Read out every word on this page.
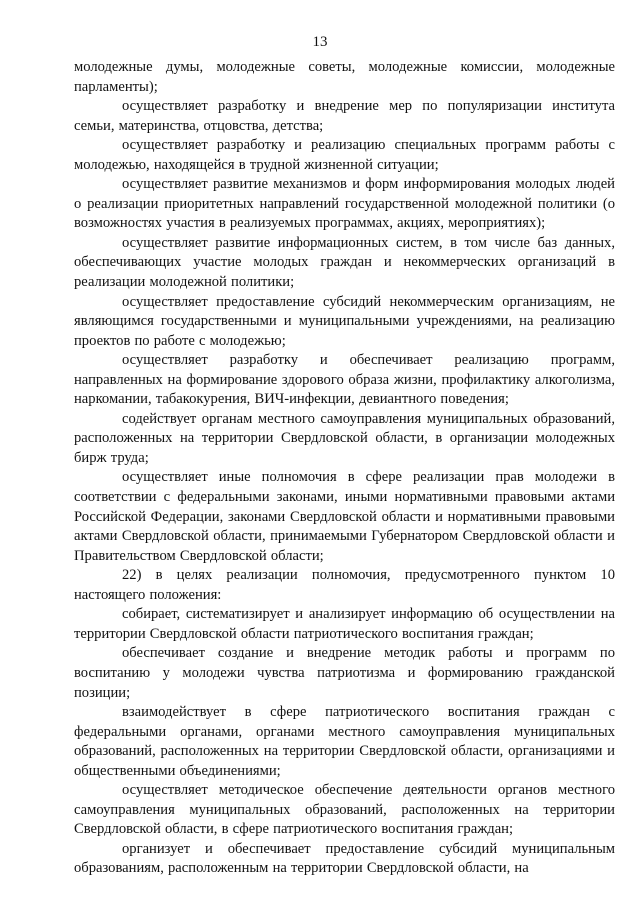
13

молодежные думы, молодежные советы, молодежные комиссии, молодежные парламенты);

осуществляет разработку и внедрение мер по популяризации института семьи, материнства, отцовства, детства;

осуществляет разработку и реализацию специальных программ работы с молодежью, находящейся в трудной жизненной ситуации;

осуществляет развитие механизмов и форм информирования молодых людей о реализации приоритетных направлений государственной молодежной политики (о возможностях участия в реализуемых программах, акциях, мероприятиях);

осуществляет развитие информационных систем, в том числе баз данных, обеспечивающих участие молодых граждан и некоммерческих организаций в реализации молодежной политики;

осуществляет предоставление субсидий некоммерческим организациям, не являющимся государственными и муниципальными учреждениями, на реализацию проектов по работе с молодежью;

осуществляет разработку и обеспечивает реализацию программ, направленных на формирование здорового образа жизни, профилактику алкоголизма, наркомании, табакокурения, ВИЧ-инфекции, девиантного поведения;

содействует органам местного самоуправления муниципальных образований, расположенных на территории Свердловской области, в организации молодежных бирж труда;

осуществляет иные полномочия в сфере реализации прав молодежи в соответствии с федеральными законами, иными нормативными правовыми актами Российской Федерации, законами Свердловской области и нормативными правовыми актами Свердловской области, принимаемыми Губернатором Свердловской области и Правительством Свердловской области;

22) в целях реализации полномочия, предусмотренного пунктом 10 настоящего положения:

собирает, систематизирует и анализирует информацию об осуществлении на территории Свердловской области патриотического воспитания граждан;

обеспечивает создание и внедрение методик работы и программ по воспитанию у молодежи чувства патриотизма и формированию гражданской позиции;

взаимодействует в сфере патриотического воспитания граждан с федеральными органами, органами местного самоуправления муниципальных образований, расположенных на территории Свердловской области, организациями и общественными объединениями;

осуществляет методическое обеспечение деятельности органов местного самоуправления муниципальных образований, расположенных на территории Свердловской области, в сфере патриотического воспитания граждан;

организует и обеспечивает предоставление субсидий муниципальным образованиям, расположенным на территории Свердловской области, на
